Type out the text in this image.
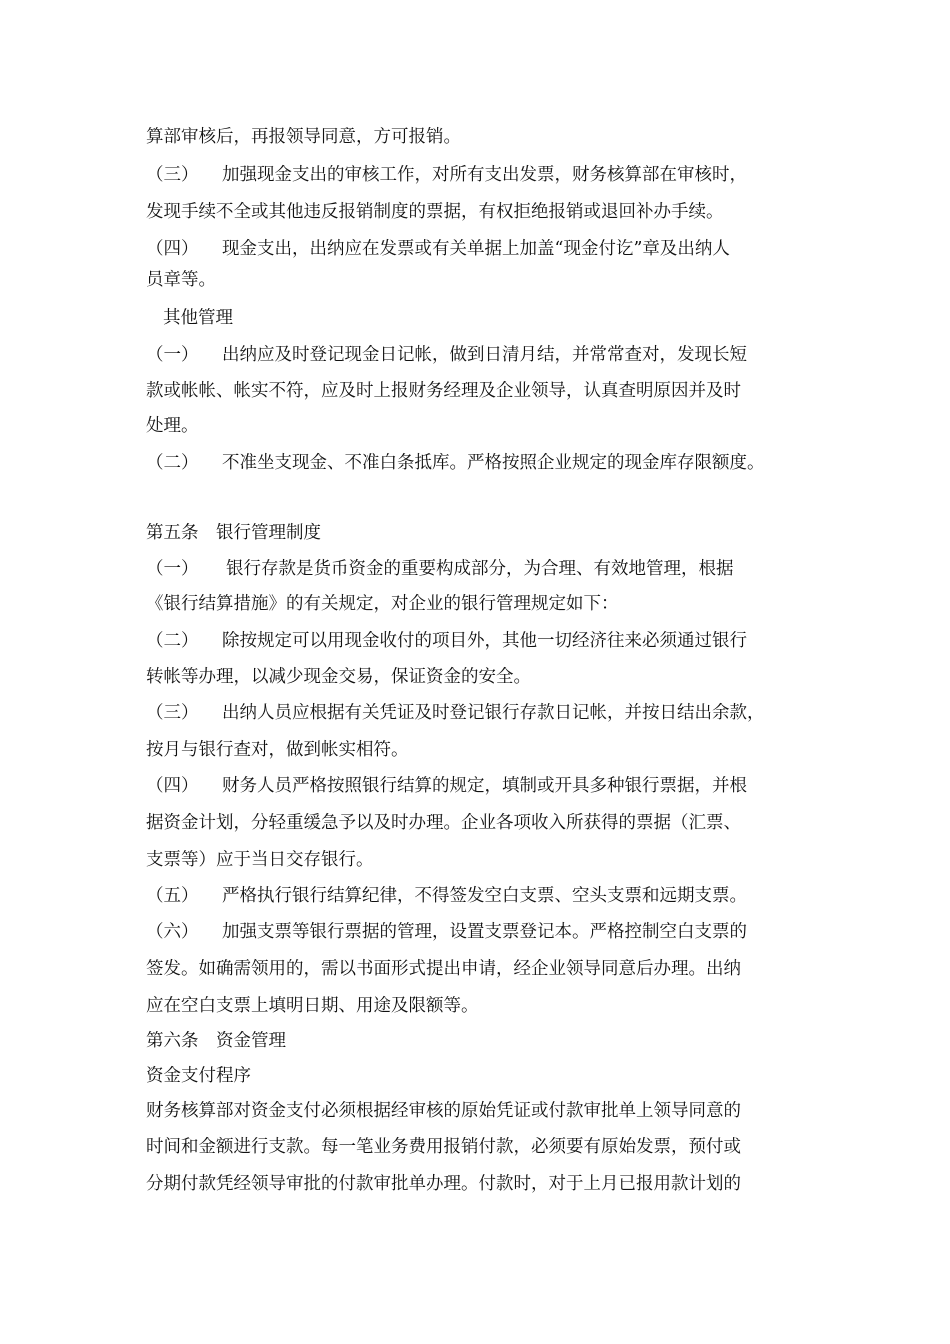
算部审核后，再报领导同意，方可报销。
（三） 加强现金支出的审核工作，对所有支出发票，财务核算部在审核时，
发现手续不全或其他违反报销制度的票据，有权拒绝报销或退回补办手续。
（四） 现金支出，出纳应在发票或有关单据上加盖“现金付讫”章及出纳人
员章等。
其他管理
（一） 出纳应及时登记现金日记帐，做到日清月结，并常常查对，发现长短
款或帐帐、帐实不符，应及时上报财务经理及企业领导，认真查明原因并及时
处理。
（二） 不准坐支现金、不准白条抵库。严格按照企业规定的现金库存限额度。
第五条　银行管理制度
（一） 银行存款是货币资金的重要构成部分，为合理、有效地管理，根据
《银行结算措施》的有关规定，对企业的银行管理规定如下：
（二） 除按规定可以用现金收付的项目外，其他一切经济往来必须通过银行
转帐等办理，以减少现金交易，保证资金的安全。
（三） 出纳人员应根据有关凭证及时登记银行存款日记帐，并按日结出余款，
按月与银行查对，做到帐实相符。
（四） 财务人员严格按照银行结算的规定，填制或开具多种银行票据，并根
据资金计划，分轻重缓急予以及时办理。企业各项收入所获得的票据（汇票、
支票等）应于当日交存银行。
（五） 严格执行银行结算纪律，不得签发空白支票、空头支票和远期支票。
（六） 加强支票等银行票据的管理，设置支票登记本。严格控制空白支票的
签发。如确需领用的，需以书面形式提出申请，经企业领导同意后办理。出纳
应在空白支票上填明日期、用途及限额等。
第六条　资金管理
资金支付程序
财务核算部对资金支付必须根据经审核的原始凭证或付款审批单上领导同意的
时间和金额进行支款。每一笔业务费用报销付款，必须要有原始发票，预付或
分期付款凭经领导审批的付款审批单办理。付款时，对于上月已报用款计划的
